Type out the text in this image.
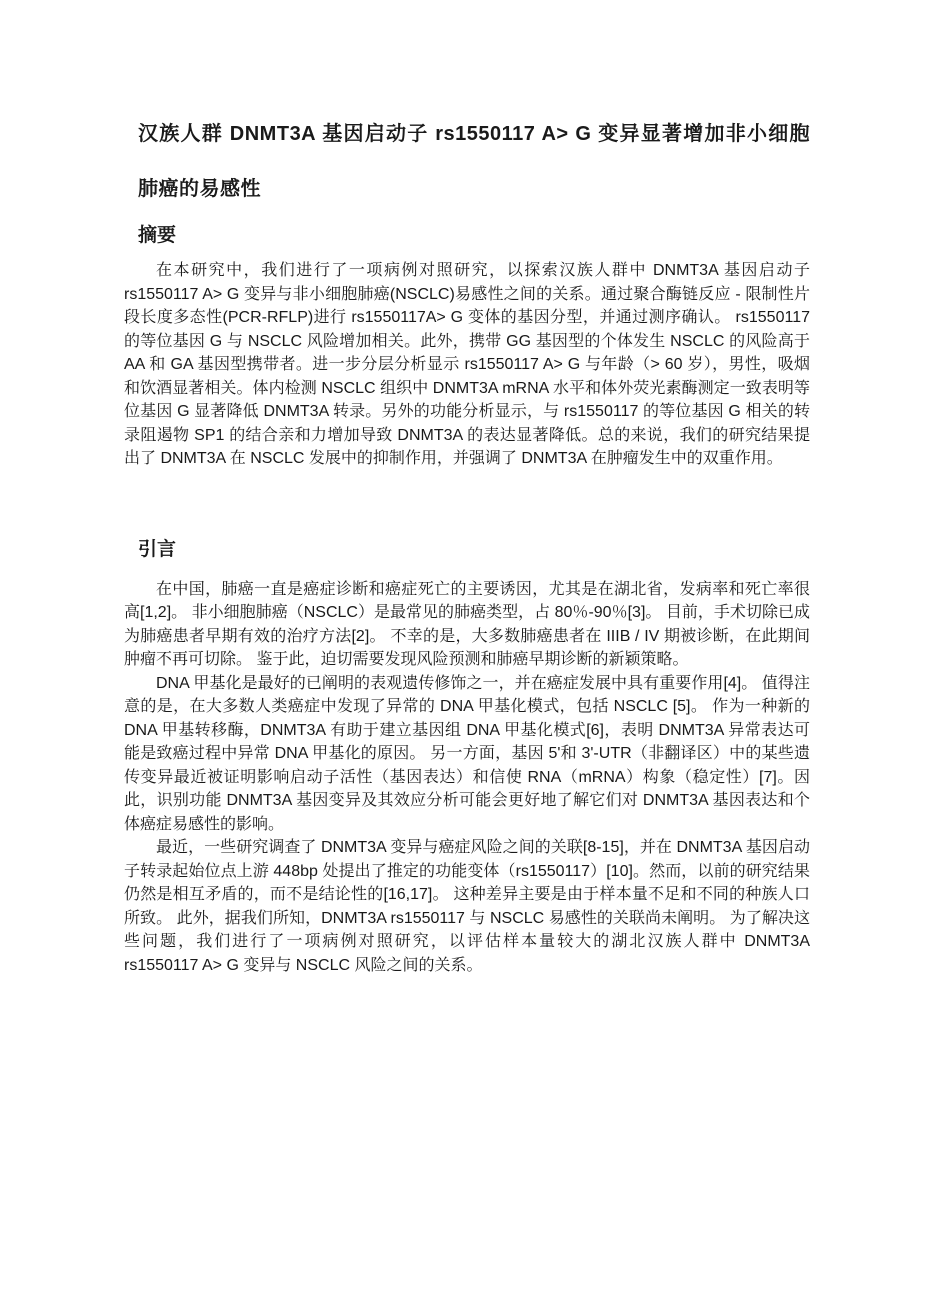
汉族人群 DNMT3A 基因启动子 rs1550117 A> G 变异显著增加非小细胞肺癌的易感性
摘要

在本研究中，我们进行了一项病例对照研究，以探索汉族人群中 DNMT3A 基因启动子 rs1550117 A> G 变异与非小细胞肺癌(NSCLC)易感性之间的关系。通过聚合酶链反应 - 限制性片段长度多态性(PCR-RFLP)进行 rs1550117A> G 变体的基因分型，并通过测序确认。 rs1550117 的等位基因 G 与 NSCLC 风险增加相关。此外，携带 GG 基因型的个体发生 NSCLC 的风险高于 AA 和 GA 基因型携带者。进一步分层分析显示 rs1550117 A> G 与年龄（> 60 岁），男性，吸烟和饮酒显著相关。体内检测 NSCLC 组织中 DNMT3A mRNA 水平和体外荧光素酶测定一致表明等位基因 G 显著降低 DNMT3A 转录。另外的功能分析显示，与 rs1550117 的等位基因 G 相关的转录阻遏物 SP1 的结合亲和力增加导致 DNMT3A 的表达显著降低。总的来说，我们的研究结果提出了 DNMT3A 在 NSCLC 发展中的抑制作用，并强调了 DNMT3A 在肿瘤发生中的双重作用。

引言

在中国，肺癌一直是癌症诊断和癌症死亡的主要诱因，尤其是在湖北省，发病率和死亡率很高[1,2]。 非小细胞肺癌（NSCLC）是最常见的肺癌类型，占 80％-90％[3]。 目前，手术切除已成为肺癌患者早期有效的治疗方法[2]。 不幸的是，大多数肺癌患者在 IIIB / IV 期被诊断，在此期间肿瘤不再可切除。 鉴于此，迫切需要发现风险预测和肺癌早期诊断的新颖策略。

DNA 甲基化是最好的已阐明的表观遗传修饰之一，并在癌症发展中具有重要作用[4]。 值得注意的是，在大多数人类癌症中发现了异常的 DNA 甲基化模式，包括 NSCLC [5]。 作为一种新的 DNA 甲基转移酶，DNMT3A 有助于建立基因组 DNA 甲基化模式[6]，表明 DNMT3A 异常表达可能是致癌过程中异常 DNA 甲基化的原因。 另一方面，基因 5'和 3'-UTR（非翻译区）中的某些遗传变异最近被证明影响启动子活性（基因表达）和信使 RNA（mRNA）构象（稳定性）[7]。因此，识别功能 DNMT3A 基因变异及其效应分析可能会更好地了解它们对 DNMT3A 基因表达和个体癌症易感性的影响。

最近，一些研究调查了 DNMT3A 变异与癌症风险之间的关联[8-15]，并在 DNMT3A 基因启动子转录起始位点上游 448bp 处提出了推定的功能变体（rs1550117）[10]。然而，以前的研究结果仍然是相互矛盾的，而不是结论性的[16,17]。 这种差异主要是由于样本量不足和不同的种族人口所致。 此外，据我们所知，DNMT3A rs1550117 与 NSCLC 易感性的关联尚未阐明。 为了解决这些问题，我们进行了一项病例对照研究，以评估样本量较大的湖北汉族人群中 DNMT3A rs1550117 A> G 变异与 NSCLC 风险之间的关系。
